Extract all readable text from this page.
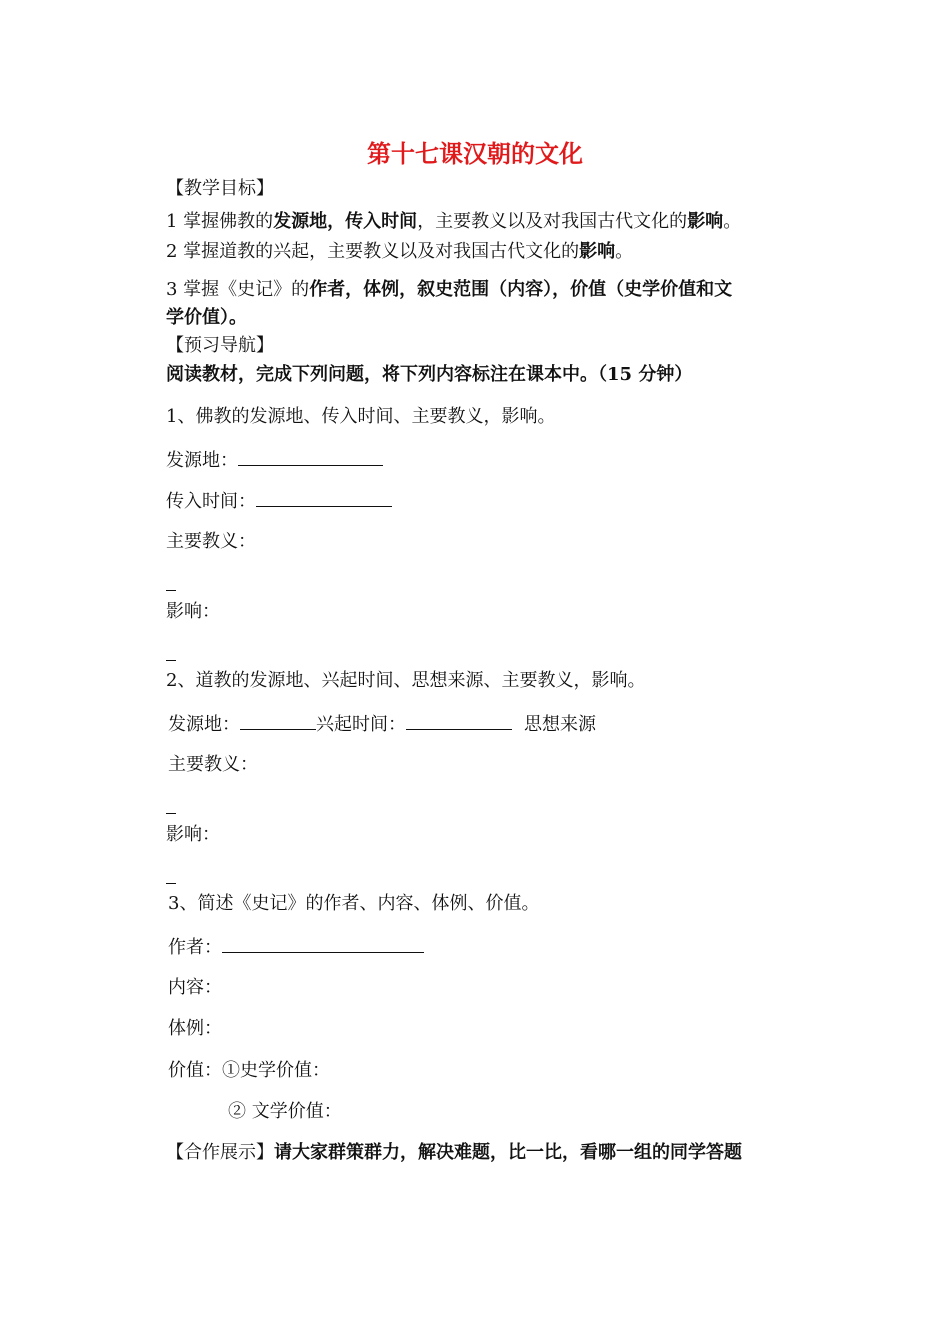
第十七课汉朝的文化
【教学目标】
1 掌握佛教的发源地，传入时间，主要教义以及对我国古代文化的影响。
2 掌握道教的兴起，主要教义以及对我国古代文化的影响。
3 掌握《史记》的作者，体例，叙史范围（内容），价值（史学价值和文
学价值）。
【预习导航】
阅读教材，完成下列问题，将下列内容标注在课本中。（15 分钟）
1、佛教的发源地、传入时间、主要教义，影响。
发源地：
传入时间：
主要教义：
影响：
2、道教的发源地、兴起时间、思想来源、主要教义，影响。
发源地：	兴起时间：	思想来源
主要教义：
影响：
3、简述《史记》的作者、内容、体例、价值。
作者：
内容：
体例：
价值：①史学价值：
② 文学价值：
【合作展示】请大家群策群力，解决难题，比一比，看哪一组的同学答题
